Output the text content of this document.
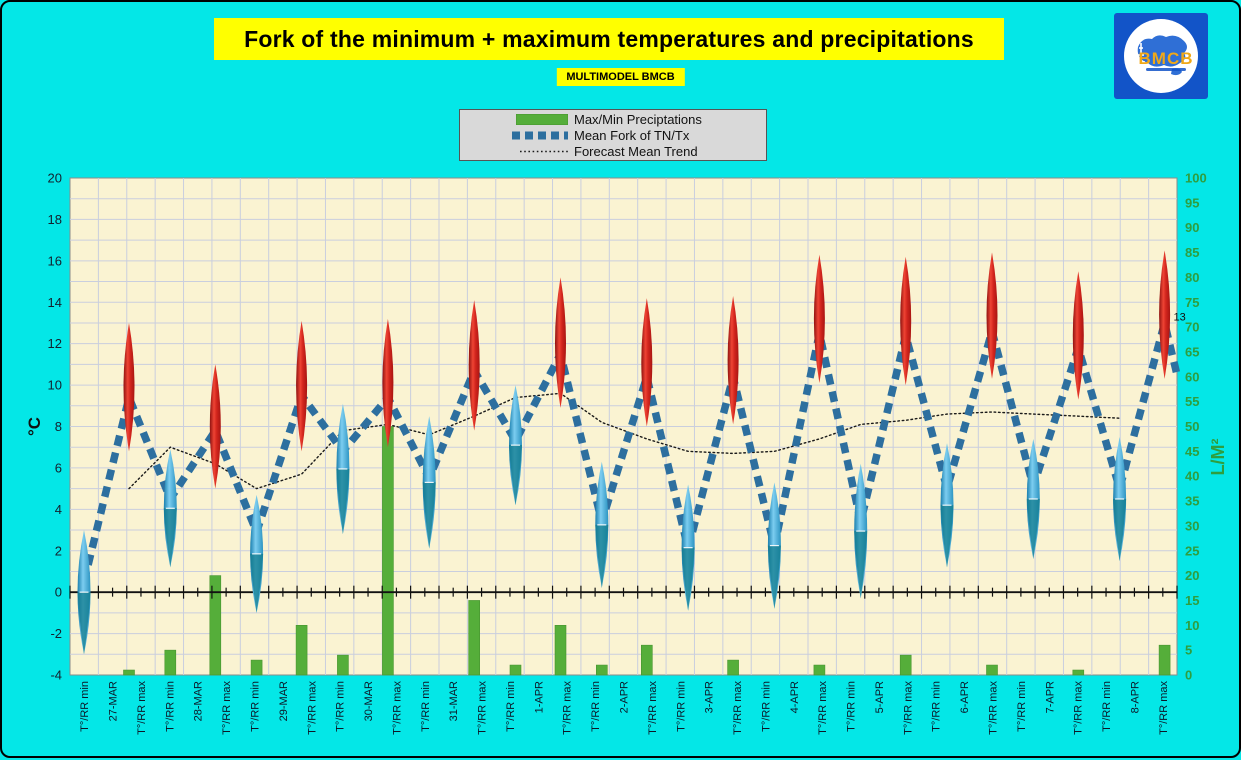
13
20
18
16
14
12
10
8
6
4
2
0
-2
-4
°C
100
95
90
85
80
75
70
65
60
55
50
45
40
35
30
25
20
15
10
5
0
L/M²
T°/RR min 27-MAR T°/RR max T°/RR min 28-MAR T°/RR max T°/RR min 29-MAR T°/RR max T°/RR min 30-MAR T°/RR max T°/RR min 31-MAR T°/RR max T°/RR min 1-APR T°/RR max T°/RR min 2-APR T°/RR max T°/RR min 3-APR T°/RR max T°/RR min 4-APR T°/RR max T°/RR min 5-APR T°/RR max T°/RR min 6-APR T°/RR max T°/RR min 7-APR T°/RR max T°/RR min 8-APR T°/RR max
Fork of the minimum + maximum temperatures and precipitations
MULTIMODEL BMCB
Max/Min Preciptations
Mean Fork of TN/Tx
Forecast Mean Trend
BMCB
